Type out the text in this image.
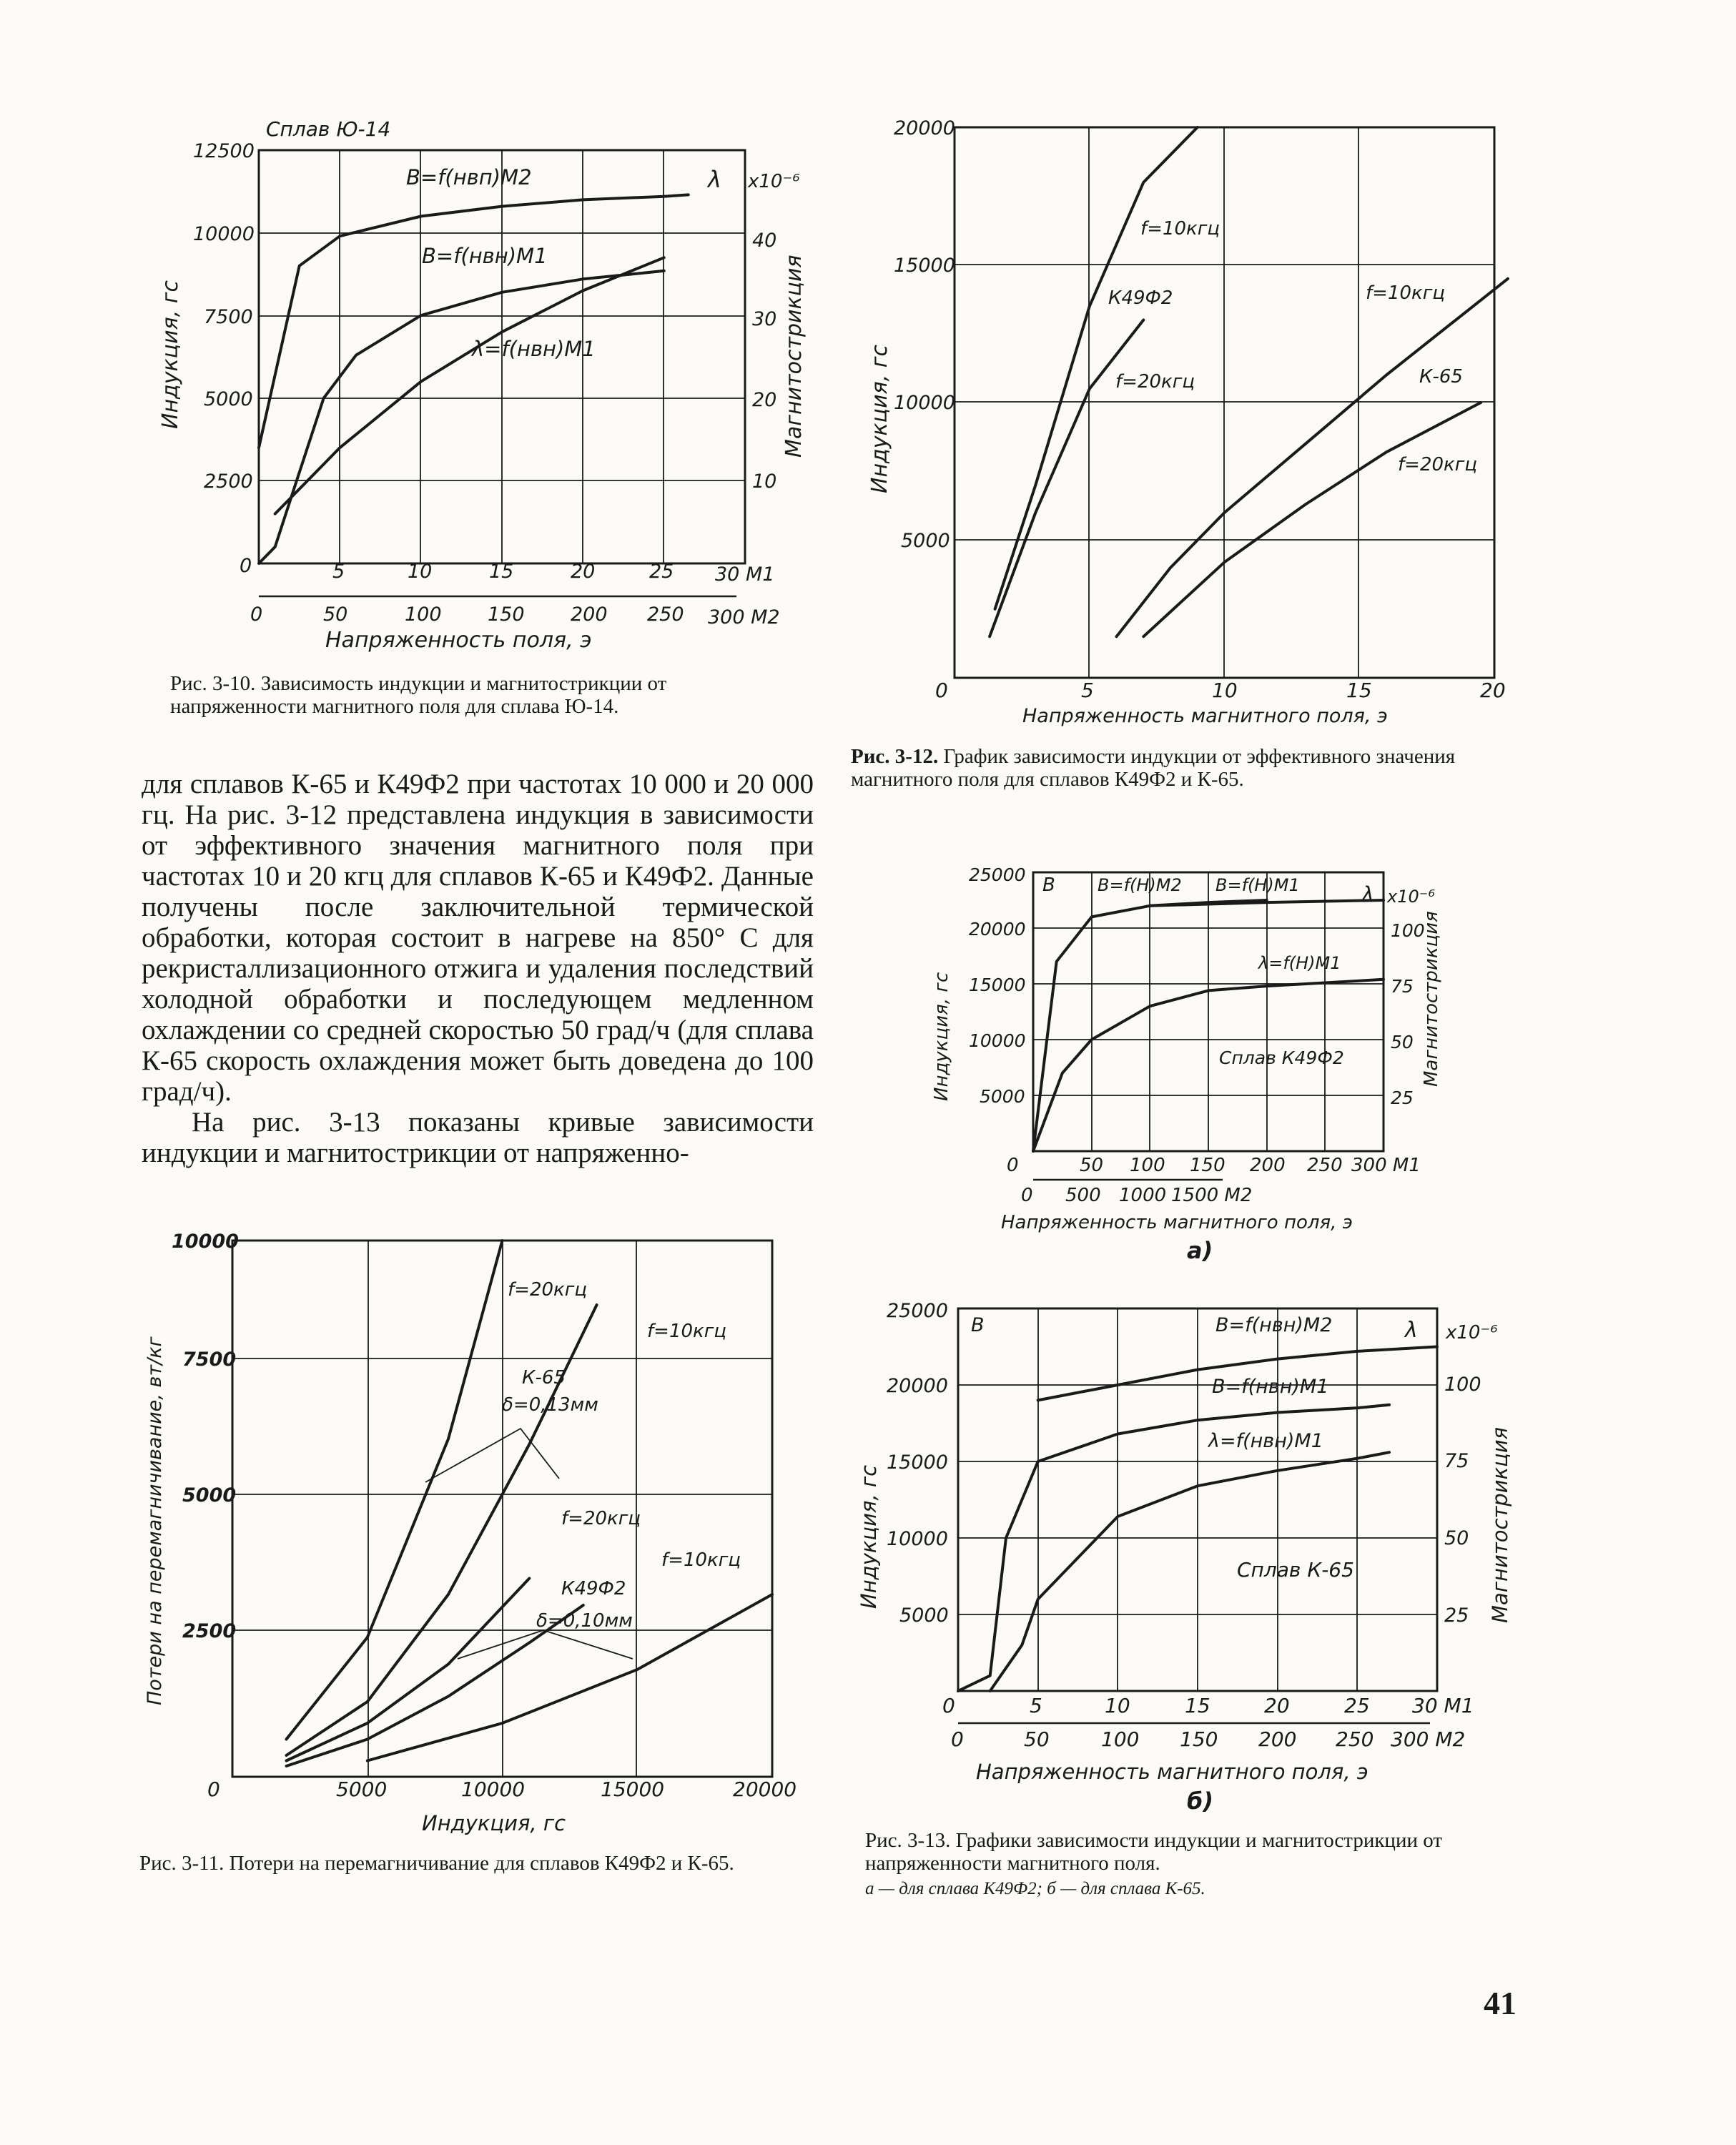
Сплав Ю-14
B=f(нвп)М2
B=f(нвн)М1
λ=f(нвн)М1
λ x10⁻⁶
Индукция, гс	Магнитострикция
12500
10000
7500
5000
2500
40
30
20
10
0	5	10	15	20	25 30 М1
0	50	100 150 200 250 300 М2
Напряженность поля, э
20000
15000
10000
5000
0	5	10	15	20
Индукция, гс
Напряженность магнитного поля, э
f=10кгц
К49Ф2
f=20кгц
f=10кгц
К-65
f=20кгц
10000
7500
5000
2500
0	5000	10000	15000	20000
Потери на перемагничивание, вт/кг
Индукция, гс
f=20кгц
f=10кгц
К-65
δ=0,13мм
f=20кгц
f=10кгц
К49Ф2
δ=0,10мм
B B=f(H)М2 B=f(H)М1
λ=f(H)М1
Сплав К49Ф2
λ x10⁻⁶
25000
20000
15000
10000
5000
100
75
50
25
0	50 100 150 200 250 300 М1
0 500 1000 1500 М2
Напряженность магнитного поля, э
а)
Индукция, гс	Магнитострикция
B	B=f(нвн)М2
B=f(нвн)М1
λ=f(нвн)М1
Сплав К-65
λ x10⁻⁶
25000
20000
15000
10000
5000
100
75
50
25
0	5	10	15	20	25 30 М1
0	50	100 150 200 250 300 М2
Напряженность магнитного поля, э
б)
Индукция, гс	Магнитострикция
Рис. 3-10. Зависимость индукции и магнитострикции от напряженности магнитного поля для сплава Ю-14.
Рис. 3-12. График зависимости индукции от эффективного значения магнитного поля для сплавов К49Ф2 и К-65.

для сплавов К-65 и К49Ф2 при частотах 10 000 и 20 000 гц. На рис. 3-12 представлена индукция в зависимости от эффективного значения магнитного поля при частотах 10 и 20 кгц для сплавов К-65 и К49Ф2. Данные получены после заключительной термической обработки, которая состоит в нагреве на 850° С для рекристаллизационного отжига и удаления последствий холодной обработки и последующем медленном охлаждении со средней скоростью 50 град/ч (для сплава К-65 скорость охлаждения может быть доведена до 100 град/ч).

На рис. 3-13 показаны кривые зависимости индукции и магнитострикции от напряженно-

Рис. 3-11. Потери на перемагничивание для сплавов К49Ф2 и К-65.
Рис. 3-13. Графики зависимости индукции и магнитострикции от напряженности магнитного поля.
а — для сплава К49Ф2; б — для сплава К-65.
41
